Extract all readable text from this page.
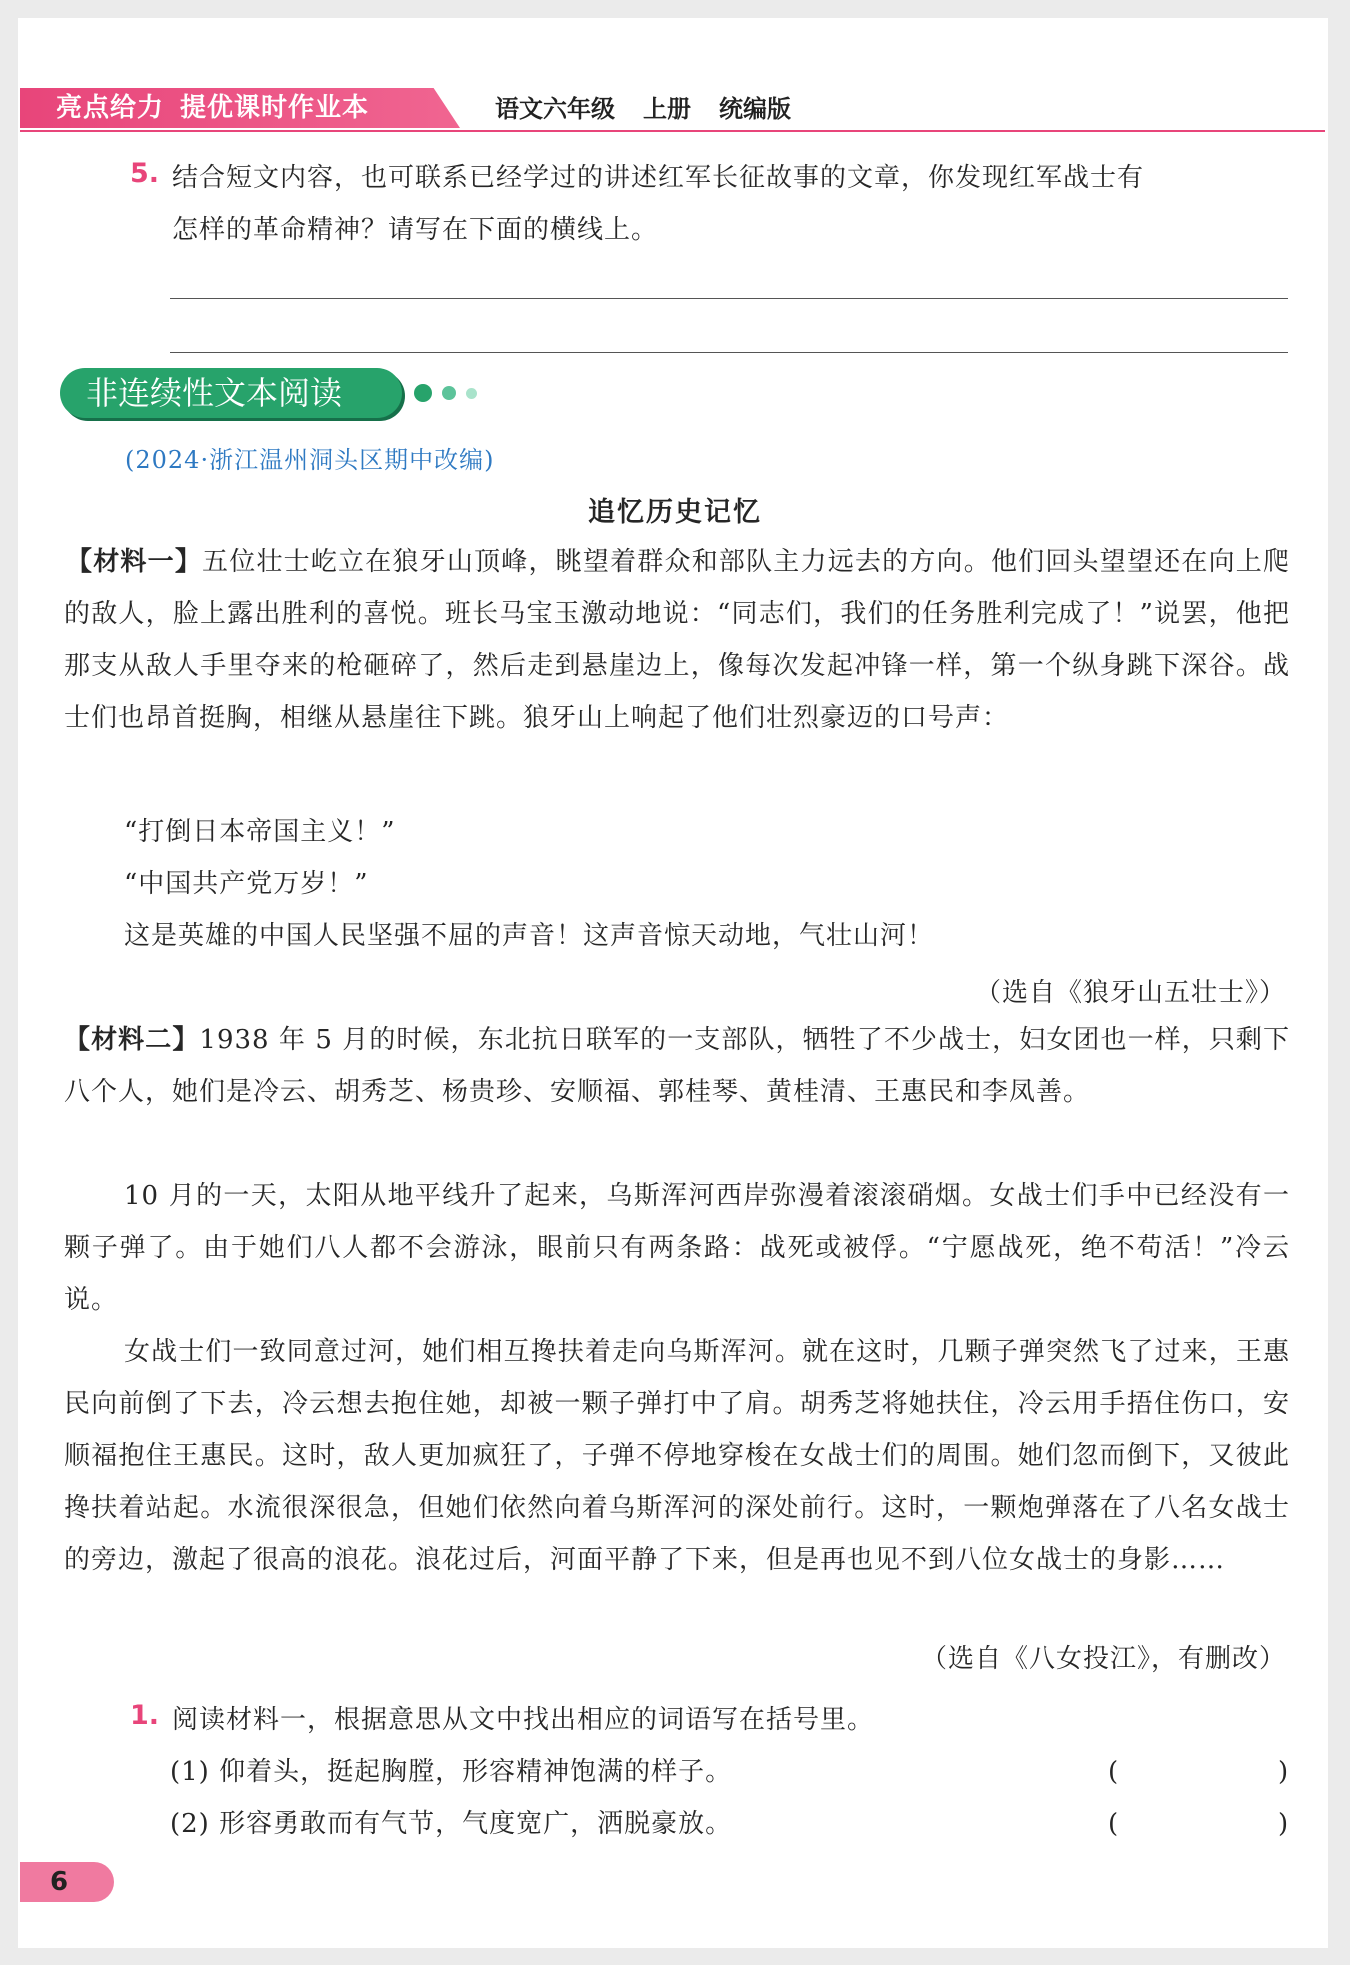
亮点给力 提优课时作业本	语文六年级 上册 统编版
5. 结合短文内容，也可联系已经学过的讲述红军长征故事的文章，你发现红军战士有
怎样的革命精神？请写在下面的横线上。
非连续性文本阅读
(2024·浙江温州洞头区期中改编)
追忆历史记忆
【材料一】五位壮士屹立在狼牙山顶峰，眺望着群众和部队主力远去的方向。他们回头望望还在向上爬的敌人，脸上露出胜利的喜悦。班长马宝玉激动地说：“同志们，我们的任务胜利完成了！”说罢，他把那支从敌人手里夺来的枪砸碎了，然后走到悬崖边上，像每次发起冲锋一样，第一个纵身跳下深谷。战士们也昂首挺胸，相继从悬崖往下跳。狼牙山上响起了他们壮烈豪迈的口号声：
“打倒日本帝国主义！”
“中国共产党万岁！”
这是英雄的中国人民坚强不屈的声音！这声音惊天动地，气壮山河！
（选自《狼牙山五壮士》）
【材料二】1938 年 5 月的时候，东北抗日联军的一支部队，牺牲了不少战士，妇女团也一样，只剩下八个人，她们是冷云、胡秀芝、杨贵珍、安顺福、郭桂琴、黄桂清、王惠民和李凤善。
10 月的一天，太阳从地平线升了起来，乌斯浑河西岸弥漫着滚滚硝烟。女战士们手中已经没有一颗子弹了。由于她们八人都不会游泳，眼前只有两条路：战死或被俘。“宁愿战死，绝不苟活！”冷云说。
女战士们一致同意过河，她们相互搀扶着走向乌斯浑河。就在这时，几颗子弹突然飞了过来，王惠民向前倒了下去，冷云想去抱住她，却被一颗子弹打中了肩。胡秀芝将她扶住，冷云用手捂住伤口，安顺福抱住王惠民。这时，敌人更加疯狂了，子弹不停地穿梭在女战士们的周围。她们忽而倒下，又彼此搀扶着站起。水流很深很急，但她们依然向着乌斯浑河的深处前行。这时，一颗炮弹落在了八名女战士的旁边，激起了很高的浪花。浪花过后，河面平静了下来，但是再也见不到八位女战士的身影……
（选自《八女投江》，有删改）
1. 阅读材料一，根据意思从文中找出相应的词语写在括号里。
(1) 仰着头，挺起胸膛，形容精神饱满的样子。	(	)
(2) 形容勇敢而有气节，气度宽广，洒脱豪放。	(	)
6
